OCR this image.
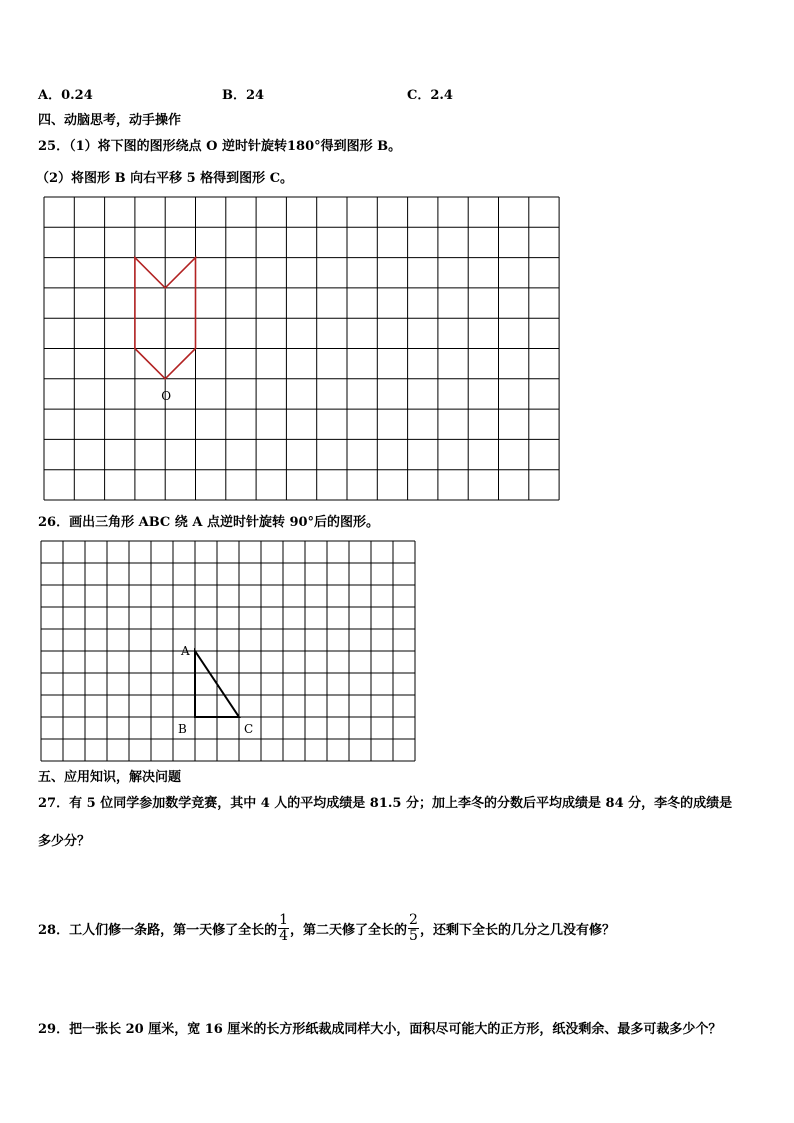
A．0.24	B．24	C．2.4
四、动脑思考，动手操作
25．（1）将下图的图形绕点 O 逆时针旋转180°得到图形 B。
（2）将图形 B 向右平移 5 格得到图形 C。
O
26．画出三角形 ABC 绕 A 点逆时针旋转 90°后的图形。
A
B	C
五、应用知识，解决问题
27．有 5 位同学参加数学竞赛，其中 4 人的平均成绩是 81.5 分；加上李冬的分数后平均成绩是 84 分，李冬的成绩是
多少分？
28．工人们修一条路，第一天修了全长的 $\frac{1}{4}$ ，第二天修了全长的 $\frac{2}{5}$ ，还剩下全长的几分之几没有修？
29．把一张长 20 厘米，宽 16 厘米的长方形纸裁成同样大小，面积尽可能大的正方形，纸没剩余、最多可裁多少个？
